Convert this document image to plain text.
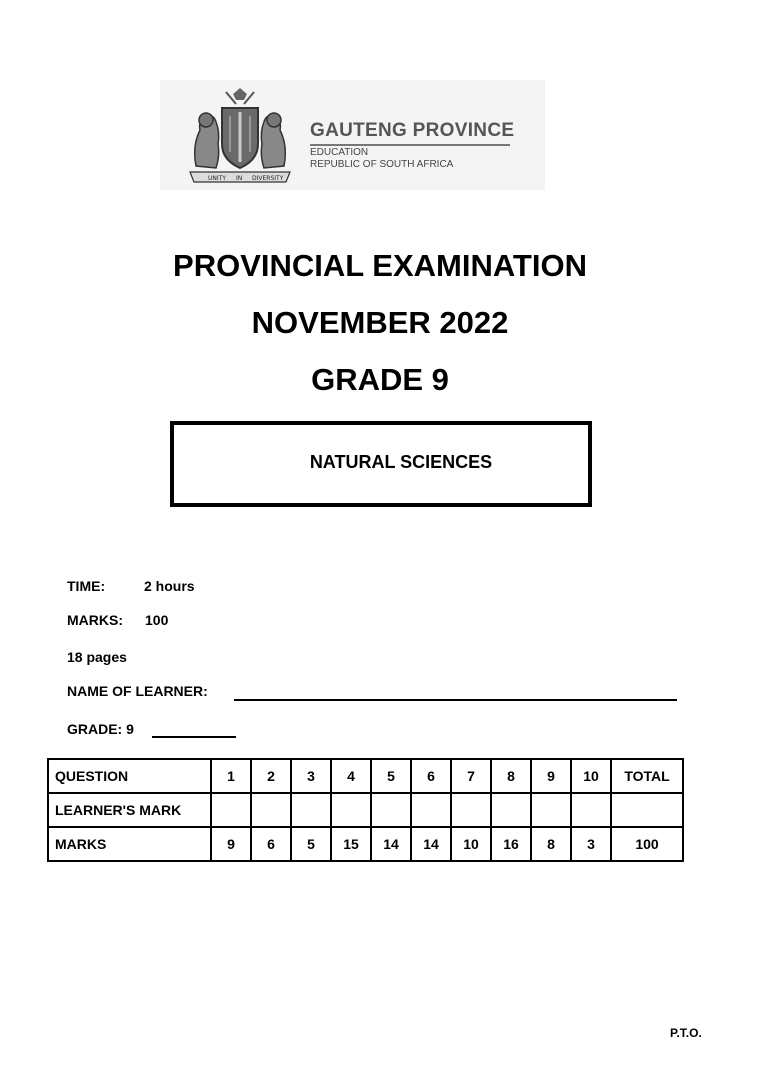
UNITY IN DIVERSITY
GAUTENG PROVINCE
EDUCATION
REPUBLIC OF SOUTH AFRICA
PROVINCIAL EXAMINATION
NOVEMBER 2022
GRADE 9
NATURAL SCIENCES
TIME:	2 hours
MARKS: 100
18 pages
NAME OF LEARNER:
GRADE: 9
QUESTION	1	2	3	4	5	6	7	8	9	10	TOTAL
LEARNER'S MARK											
MARKS	9	6	5	15	14	14	10	16	8	3	100
P.T.O.
